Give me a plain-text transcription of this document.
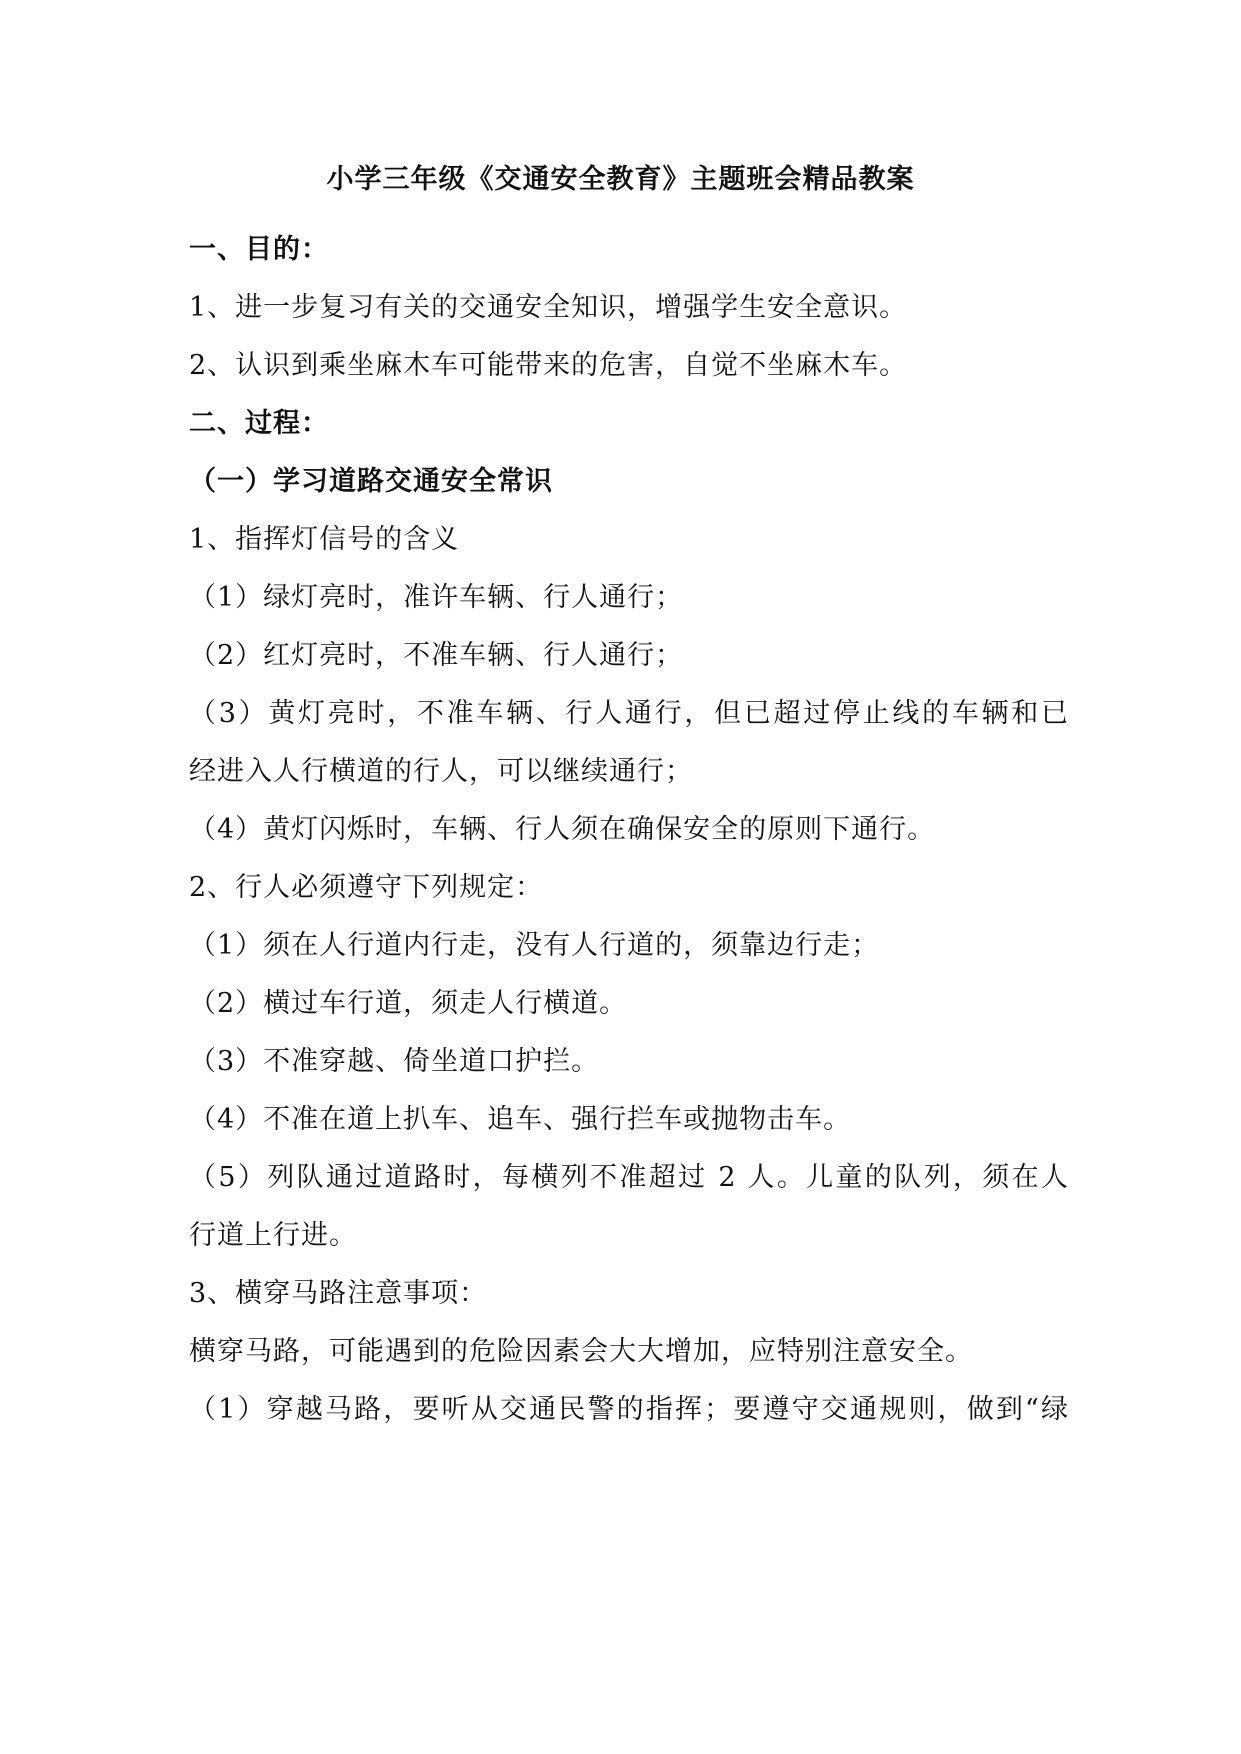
小学三年级《交通安全教育》主题班会精品教案
一、目的：
1、进一步复习有关的交通安全知识，增强学生安全意识。
2、认识到乘坐麻木车可能带来的危害，自觉不坐麻木车。
二、过程：
（一）学习道路交通安全常识
1、指挥灯信号的含义
（1）绿灯亮时，准许车辆、行人通行；
（2）红灯亮时，不准车辆、行人通行；
（3）黄灯亮时，不准车辆、行人通行，但已超过停止线的车辆和已
经进入人行横道的行人，可以继续通行；
（4）黄灯闪烁时，车辆、行人须在确保安全的原则下通行。
2、行人必须遵守下列规定：
（1）须在人行道内行走，没有人行道的，须靠边行走；
（2）横过车行道，须走人行横道。
（3）不准穿越、倚坐道口护拦。
（4）不准在道上扒车、追车、强行拦车或抛物击车。
（5）列队通过道路时，每横列不准超过 2 人。儿童的队列，须在人
行道上行进。
3、横穿马路注意事项：
横穿马路，可能遇到的危险因素会大大增加，应特别注意安全。
（1）穿越马路，要听从交通民警的指挥；要遵守交通规则，做到“绿
